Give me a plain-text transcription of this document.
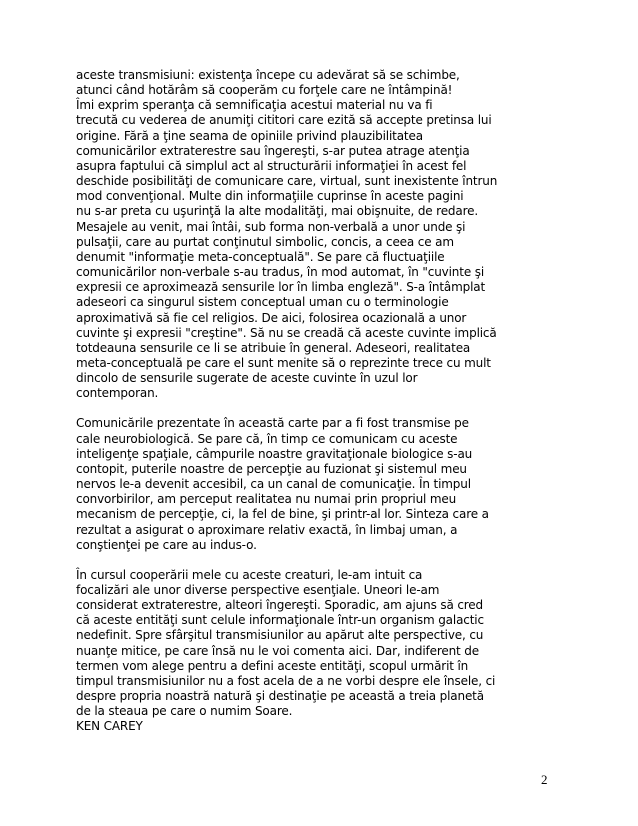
aceste transmisiuni: existenţa începe cu adevărat să se schimbe,
atunci când hotărâm să cooperăm cu forţele care ne întâmpină!
Îmi exprim speranţa că semnificaţia acestui material nu va fi
trecută cu vederea de anumiţi cititori care ezită să accepte pretinsa lui
origine. Fără a ţine seama de opiniile privind plauzibilitatea
comunicărilor extraterestre sau îngereşti, s-ar putea atrage atenţia
asupra faptului că simplul act al structurării informaţiei în acest fel
deschide posibilităţi de comunicare care, virtual, sunt inexistente întrun
mod convenţional. Multe din informaţiile cuprinse în aceste pagini
nu s-ar preta cu uşurinţă la alte modalităţi, mai obişnuite, de redare.
Mesajele au venit, mai întâi, sub forma non-verbală a unor unde şi
pulsaţii, care au purtat conţinutul simbolic, concis, a ceea ce am
denumit "informaţie meta-conceptuală". Se pare că fluctuaţiile
comunicărilor non-verbale s-au tradus, în mod automat, în "cuvinte şi
expresii ce aproximează sensurile lor în limba engleză". S-a întâmplat
adeseori ca singurul sistem conceptual uman cu o terminologie
aproximativă să fie cel religios. De aici, folosirea ocazională a unor
cuvinte şi expresii "creştine". Să nu se creadă că aceste cuvinte implică
totdeauna sensurile ce li se atribuie în general. Adeseori, realitatea
meta-conceptuală pe care el sunt menite să o reprezinte trece cu mult
dincolo de sensurile sugerate de aceste cuvinte în uzul lor
contemporan.

Comunicările prezentate în această carte par a fi fost transmise pe
cale neurobiologică. Se pare că, în timp ce comunicam cu aceste
inteligenţe spaţiale, câmpurile noastre gravitaţionale biologice s-au
contopit, puterile noastre de percepţie au fuzionat şi sistemul meu
nervos le-a devenit accesibil, ca un canal de comunicaţie. În timpul
convorbirilor, am perceput realitatea nu numai prin propriul meu
mecanism de percepţie, ci, la fel de bine, şi printr-al lor. Sinteza care a
rezultat a asigurat o aproximare relativ exactă, în limbaj uman, a
conştienţei pe care au indus-o.

În cursul cooperării mele cu aceste creaturi, le-am intuit ca
focalizări ale unor diverse perspective esenţiale. Uneori le-am
considerat extraterestre, alteori îngereşti. Sporadic, am ajuns să cred
că aceste entităţi sunt celule informaţionale într-un organism galactic
nedefinit. Spre sfârşitul transmisiunilor au apărut alte perspective, cu
nuanţe mitice, pe care însă nu le voi comenta aici. Dar, indiferent de
termen vom alege pentru a defini aceste entităţi, scopul urmărit în
timpul transmisiunilor nu a fost acela de a ne vorbi despre ele însele, ci
despre propria noastră natură şi destinaţie pe această a treia planetă
de la steaua pe care o numim Soare.
KEN CAREY

2
